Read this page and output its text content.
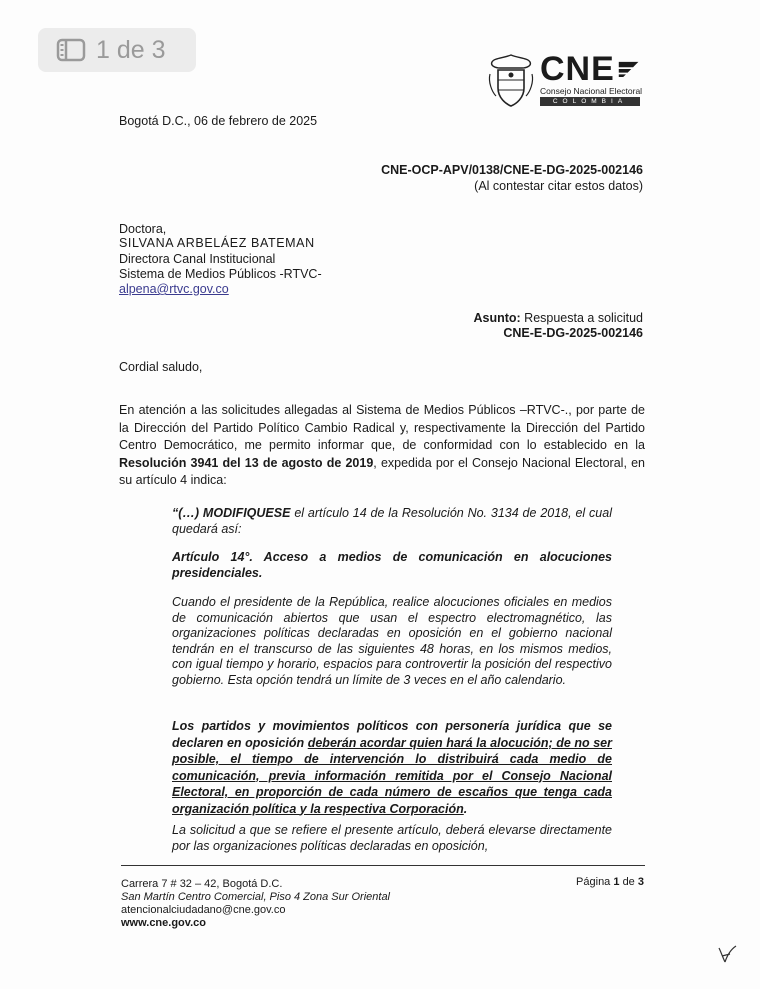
1 de 3
CNE
Consejo Nacional Electoral
COLOMBIA
Bogotá D.C., 06 de febrero de 2025
CNE-OCP-APV/0138/CNE-E-DG-2025-002146
(Al contestar citar estos datos)
Doctora,
SILVANA ARBELÁEZ BATEMAN
Directora Canal Institucional
Sistema de Medios Públicos -RTVC-
alpena@rtvc.gov.co
Asunto: Respuesta a solicitud
CNE-E-DG-2025-002146
Cordial saludo,
En atención a las solicitudes allegadas al Sistema de Medios Públicos –RTVC-., por parte de la Dirección del Partido Político Cambio Radical y, respectivamente la Dirección del Partido Centro Democrático, me permito informar que, de conformidad con lo establecido en la Resolución 3941 del 13 de agosto de 2019, expedida por el Consejo Nacional Electoral, en su artículo 4 indica:
“(…) MODIFIQUESE el artículo 14 de la Resolución No. 3134 de 2018, el cual quedará así:
Artículo 14°. Acceso a medios de comunicación en alocuciones presidenciales.
Cuando el presidente de la República, realice alocuciones oficiales en medios de comunicación abiertos que usan el espectro electromagnético, las organizaciones políticas declaradas en oposición en el gobierno nacional tendrán en el transcurso de las siguientes 48 horas, en los mismos medios, con igual tiempo y horario, espacios para controvertir la posición del respectivo gobierno. Esta opción tendrá un límite de 3 veces en el año calendario.
Los partidos y movimientos políticos con personería jurídica que se declaren en oposición deberán acordar quien hará la alocución; de no ser posible, el tiempo de intervención lo distribuirá cada medio de comunicación, previa información remitida por el Consejo Nacional Electoral, en proporción de cada número de escaños que tenga cada organización política y la respectiva Corporación.
La solicitud a que se refiere el presente artículo, deberá elevarse directamente por las organizaciones políticas declaradas en oposición,
Carrera 7 # 32 – 42, Bogotá D.C.
San Martín Centro Comercial, Piso 4 Zona Sur Oriental
atencionalciudadano@cne.gov.co
www.cne.gov.co
Página 1 de 3
